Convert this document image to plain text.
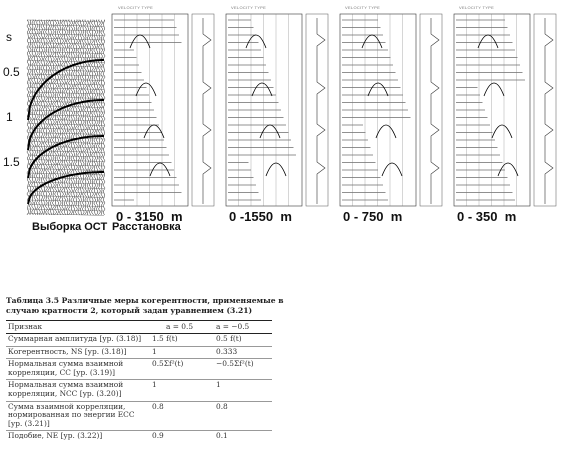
s
0.5
1
1.5
Выборка ОСТ Расстановка
0 - 3150 m	0 -1550 m	0 - 750 m	0 - 350 m
VELOCITY TYPE	VELOCITY TYPE	VELOCITY TYPE	VELOCITY TYPE
Таблица 3.5 Различные меры когерентности, применяемые в случаю кратности 2, который задан уравнением (3.21)
Признак	a = 0.5	a = −0.5
Суммарная амплитуда [ур. (3.18)]	1.5 f(t)	0.5 f(t)
Когерентность, NS [ур. (3.18)]	1	0.333
Нормальная сумма взаимной корреляции, CC [ур. (3.19)]	0.5Σf²(t)	−0.5Σf²(t)
Нормальная сумма взаимной корреляции, NCC [ур. (3.20)]	1	1
Сумма взаимной корреляции, нормированная по энергии ECC [ур. (3.21)]	0.8	0.8
Подобие, NE [ур. (3.22)]	0.9	0.1
